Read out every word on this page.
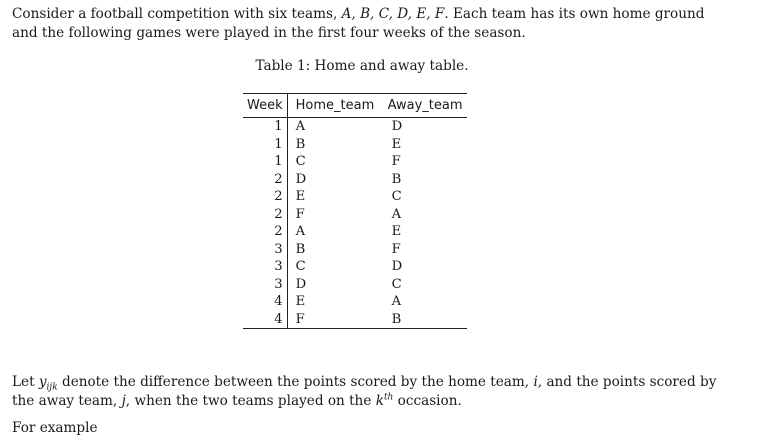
Consider a football competition with six teams, A, B, C, D, E, F. Each team has its own home ground and the following games were played in the first four weeks of the season.

Table 1: Home and away table.
Week	Home_team	Away_team
1	A	D
1	B	E
1	C	F
2	D	B
2	E	C
2	F	A
2	A	E
3	B	F
3	C	D
3	D	C
4	E	A
4	F	B

Let $y_{ijk}$ denote the difference between the points scored by the home team, i, and the points scored by the away team, j, when the two teams played on the $k^{th}$ occasion.

For example
